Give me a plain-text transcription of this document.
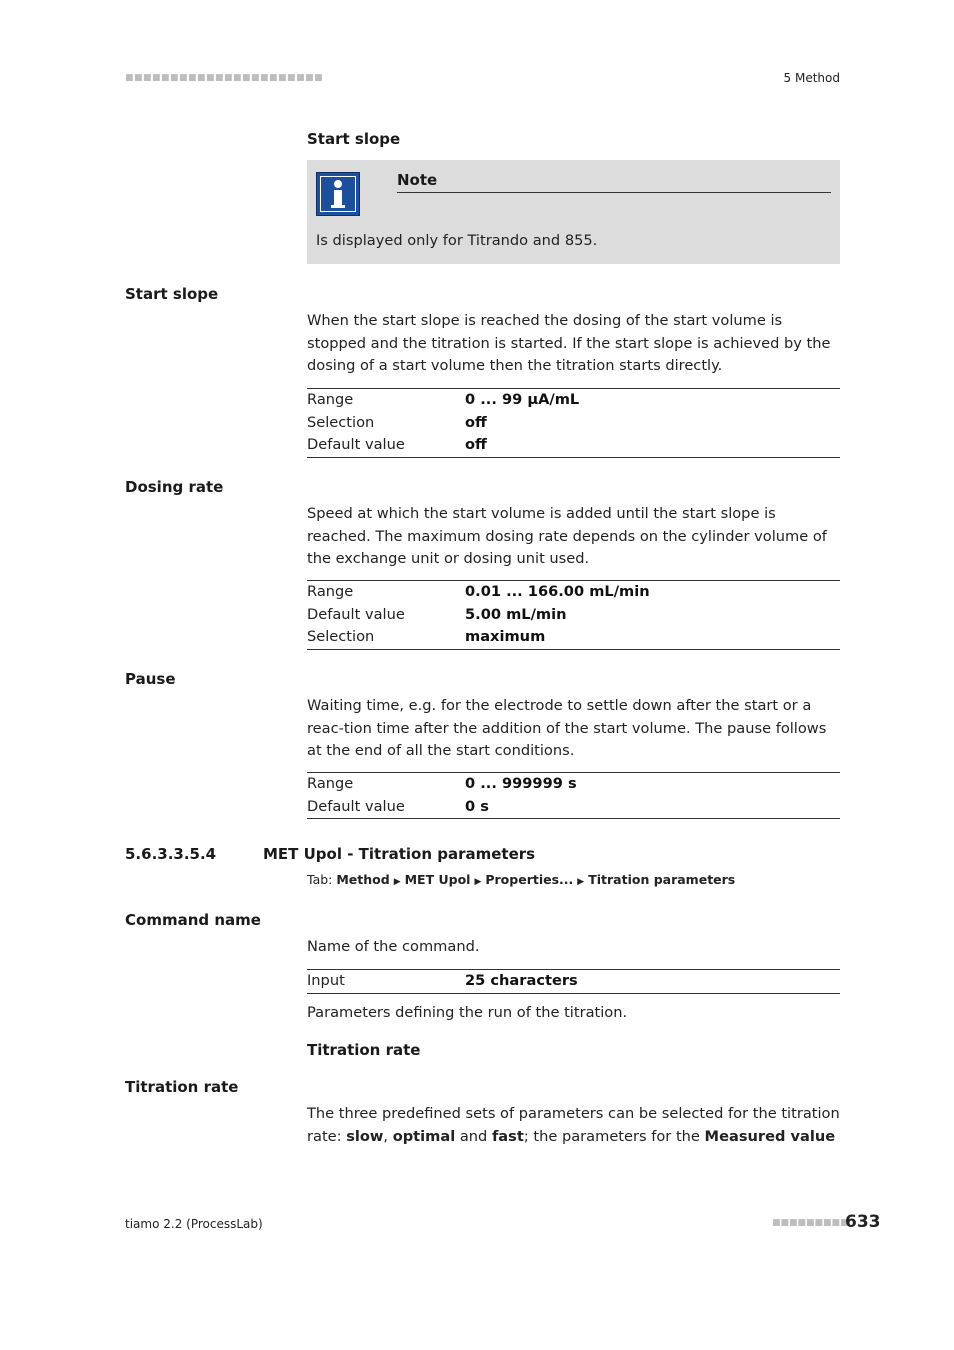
■■■■■■■■■■■■■■■■■■■■■■	5 Method
Start slope
Note
Is displayed only for Titrando and 855.
Start slope
When the start slope is reached the dosing of the start volume is stopped and the titration is started. If the start slope is achieved by the dosing of a start volume then the titration starts directly.
Range	0 ... 99 µA/mL
Selection	off
Default value	off
Dosing rate
Speed at which the start volume is added until the start slope is reached. The maximum dosing rate depends on the cylinder volume of the exchange unit or dosing unit used.
Range	0.01 ... 166.00 mL/min
Default value	5.00 mL/min
Selection	maximum
Pause
Waiting time, e.g. for the electrode to settle down after the start or a reac-tion time after the addition of the start volume. The pause follows at the end of all the start conditions.
Range	0 ... 999999 s
Default value	0 s
5.6.3.3.5.4	MET Upol - Titration parameters
Tab: Method ▶ MET Upol ▶ Properties... ▶ Titration parameters
Command name
Name of the command.
Input	25 characters
Parameters defining the run of the titration.
Titration rate
Titration rate
The three predefined sets of parameters can be selected for the titration rate: slow, optimal and fast; the parameters for the Measured value
tiamo 2.2 (ProcessLab)	■■■■■■■■■
633
